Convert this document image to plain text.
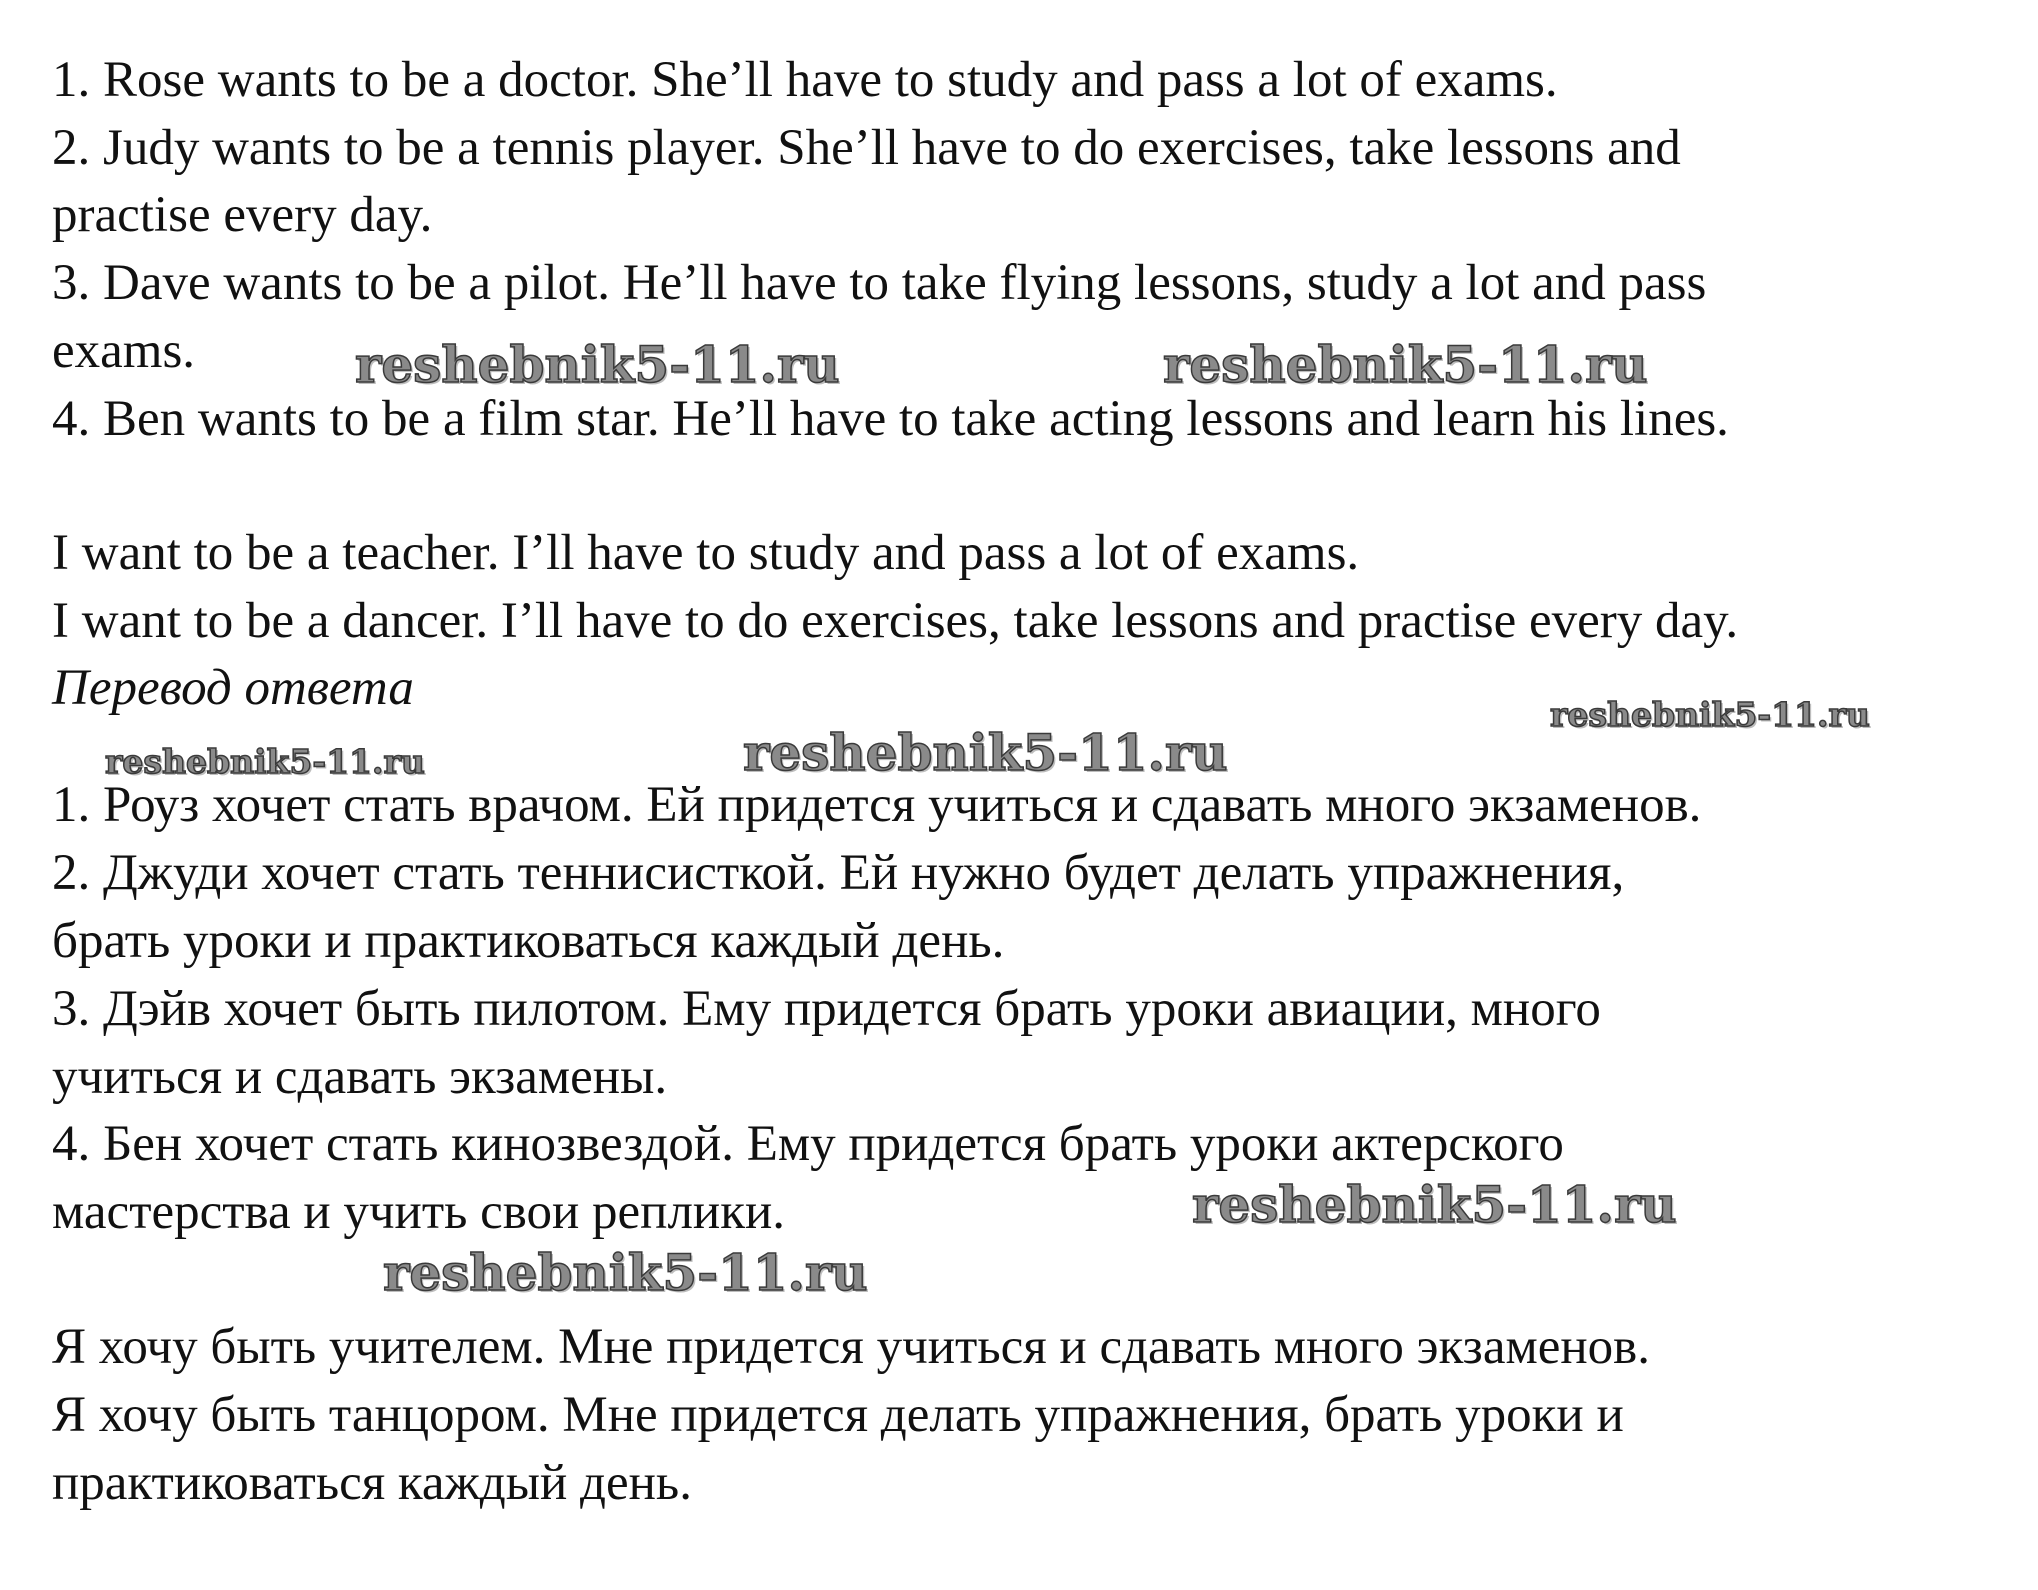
1. Rose wants to be a doctor. She’ll have to study and pass a lot of exams.
2. Judy wants to be a tennis player. She’ll have to do exercises, take lessons and
practise every day.
3. Dave wants to be a pilot. He’ll have to take flying lessons, study a lot and pass
exams.
4. Ben wants to be a film star. He’ll have to take acting lessons and learn his lines.
I want to be a teacher. I’ll have to study and pass a lot of exams.
I want to be a dancer. I’ll have to do exercises, take lessons and practise every day.
Перевод ответа
1. Роуз хочет стать врачом. Ей придется учиться и сдавать много экзаменов.
2. Джуди хочет стать теннисисткой. Ей нужно будет делать упражнения,
брать уроки и практиковаться каждый день.
3. Дэйв хочет быть пилотом. Ему придется брать уроки авиации, много
учиться и сдавать экзамены.
4. Бен хочет стать кинозвездой. Ему придется брать уроки актерского
мастерства и учить свои реплики.
Я хочу быть учителем. Мне придется учиться и сдавать много экзаменов.
Я хочу быть танцором. Мне придется делать упражнения, брать уроки и
практиковаться каждый день.
reshebnik5-11.ru	reshebnik5-11.ru
reshebnik5-11.ru
reshebnik5-11.ru	reshebnik5-11.ru
reshebnik5-11.ru
reshebnik5-11.ru
